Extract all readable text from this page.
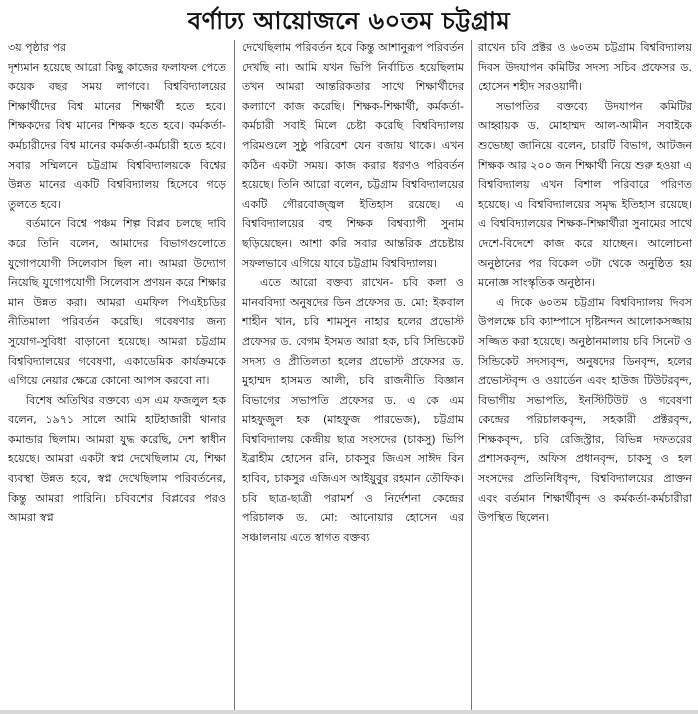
বর্ণাঢ্য আয়োজনে ৬০তম চট্টগ্রাম

৩য় পৃষ্ঠার পর

দৃশ্যমান হয়েছে আরো কিছু কাজের ফলাফল পেতে কয়েক বছর সময় লাগবে। বিশ্ববিদ্যালয়ের শিক্ষার্থীদের বিশ্ব মানের শিক্ষার্থী হতে হবে। শিক্ষকদের বিশ্ব মানের শিক্ষক হতে হবে। কর্মকর্তা-কর্মচারীদের বিশ্ব মানের কর্মকর্তা-কর্মচারী হতে হবে। সবার সম্মিলনে চট্টগ্রাম বিশ্ববিদ্যালয়কে বিশ্বের উন্নত মানের একটি বিশ্ববিদ্যালয় হিসেবে গড়ে তুলতে হবে।

বর্তমানে বিশ্বে পঞ্চম শিল্প বিপ্লব চলছে দাবি করে তিনি বলেন, আমাদের বিভাগগুলোতে যুগোপযোগী সিলেবাস ছিল না। আমরা উদ্যোগ নিয়েছি যুগোপযোগী সিলেবাস প্রণয়ন করে শিক্ষার মান উন্নত করা। আমরা এমফিল পিএইচডির নীতিমালা পরিবর্তন করেছি। গবেষণার জন্য সুযোগ-সুবিধা বাড়ানো হয়েছে। আমরা চট্টগ্রাম বিশ্ববিদ্যালয়ের গবেষণা, একাডেমিক কার্যক্রমকে এগিয়ে নেয়ার ক্ষেত্রে কোনো আপস করবো না।

বিশেষ অতিথির বক্তব্যে এস এম ফজলুল হক বলেন, ১৯৭১ সালে আমি হাটহাজারী থানার কমান্ডার ছিলাম। আমরা যুদ্ধ করেছি, দেশ স্বাধীন হয়েছে। আমরা একটা স্বপ্ন দেখেছিলাম যে, শিক্ষা ব্যবস্থা উন্নত হবে, স্বপ্ন দেখেছিলাম পরিবর্তনের, কিন্তু আমরা পারিনি। চবিবশের বিপ্লবের পরও আমরা স্বপ্ন

দেখেছিলাম পরিবর্তন হবে কিন্তু আশানুরূপ পরিবর্তন দেখছি না। আমি যখন ভিপি নির্বাচিত হয়েছিলাম তখন আমরা আন্তরিকতার সাথে শিক্ষার্থীদের কল্যাণে কাজ করেছি। শিক্ষক-শিক্ষার্থী, কর্মকর্তা-কর্মচারী সবাই মিলে চেষ্টা করেছি বিশ্ববিদ্যালয় পরিমণ্ডলে সুষ্ঠু পরিবেশ যেন বজায় থাকে। এখন কঠিন একটা সময়। কাজ করার ধরণও পরিবর্তন হয়েছে। তিনি আরো বলেন, চট্টগ্রাম বিশ্ববিদ্যালয়ের একটি গৌরবোজ্জ্বল ইতিহাস রয়েছে। এ বিশ্ববিদ্যালয়ের বহু শিক্ষক বিশ্বব্যাপী সুনাম ছড়িয়েছেন। আশা করি সবার আন্তরিক প্রচেষ্টায় সফলভাবে এগিয়ে যাবে চট্টগ্রাম বিশ্ববিদ্যালয়।

এতে আরো বক্তব্য রাখেন- চবি কলা ও মানববিদ্যা অনুষদের ডিন প্রফেসর ড. মো: ইকবাল শাহীন খান, চবি শামসুন নাহার হলের প্রভোস্ট প্রফেসর ড. বেগম ইসমত আরা হক, চবি সিন্ডিকেট সদস্য ও প্রীতিলতা হলের প্রভোস্ট প্রফেসর ড. মুহাম্মদ হাসমত আলী, চবি রাজনীতি বিজ্ঞান বিভাগের সভাপতি প্রফেসর ড. এ কে এম মাহফুজুল হক (মাহফুজ পারভেজ), চট্টগ্রাম বিশ্ববিদ্যালয় কেন্দ্রীয় ছাত্র সংসদের (চাকসু) ভিপি ইব্রাহীম হোসেন রনি, চাকসুর জিএস সাঈদ বিন হাবিব, চাকসুর এজিএস আইয়ুবুর রহমান তৌফিক। চবি ছাত্র-ছাত্রী পরামর্শ ও নির্দেশনা কেন্দ্রের পরিচালক ড. মো: আনোয়ার হোসেন এর সঞ্চালনায় এতে স্বাগত বক্তব্য

রাখেন চবি প্রক্টর ও ৬০তম চট্টগ্রাম বিশ্ববিদ্যালয় দিবস উদযাপন কমিটির সদস্য সচিব প্রফেসর ড. হোসেন শহীদ সরওয়ার্দী।

সভাপতির বক্তব্যে উদযাপন কমিটির আহ্বায়ক ড. মোহাম্মদ আল-আমীন সবাইকে শুভেচ্ছা জানিয়ে বলেন, চারটি বিভাগ, আটজন শিক্ষক আর ২০০ জন শিক্ষার্থী নিয়ে শুরু হওয়া এ বিশ্ববিদ্যালয় এখন বিশাল পরিবারে পরিণত হয়েছে। এ বিশ্ববিদ্যালয়ের সমৃদ্ধ ইতিহাস রয়েছে। এ বিশ্ববিদ্যালয়ের শিক্ষক-শিক্ষার্থীরা সুনামের সাথে দেশে-বিদেশে কাজ করে যাচ্ছেন। আলোচনা অনুষ্ঠানের পর বিকেল ৩টা থেকে অনুষ্ঠিত হয় মনোজ্ঞ সাংস্কৃতিক অনুষ্ঠান।

এ দিকে ৬০তম চট্টগ্রাম বিশ্ববিদ্যালয় দিবস উপলক্ষে চবি ক্যাম্পাসে দৃষ্টিনন্দন আলোকসজ্জায় সজ্জিত করা হয়েছে। অনুষ্ঠানমালায় চবি সিনেট ও সিন্ডিকেট সদস্যবৃন্দ, অনুষদের ডিনবৃন্দ, হলের প্রভোস্টবৃন্দ ও ওয়ার্ডেন এবং হাউজ টিউটরবৃন্দ, বিভাগীয় সভাপতি, ইনস্টিটিউট ও গবেষণা কেন্দ্রের পরিচালকবৃন্দ, সহকারী প্রক্টরবৃন্দ, শিক্ষকবৃন্দ, চবি রেজিস্ট্রার, বিভিন্ন দফতরের প্রশাসকবৃন্দ, অফিস প্রধানবৃন্দ, চাকসু ও হল সংসদের প্রতিনিধিবৃন্দ, বিশ্ববিদ্যালয়ের প্রাক্তন এবং বর্তমান শিক্ষার্থীবৃন্দ ও কর্মকর্তা-কর্মচারীরা উপস্থিত ছিলেন।
